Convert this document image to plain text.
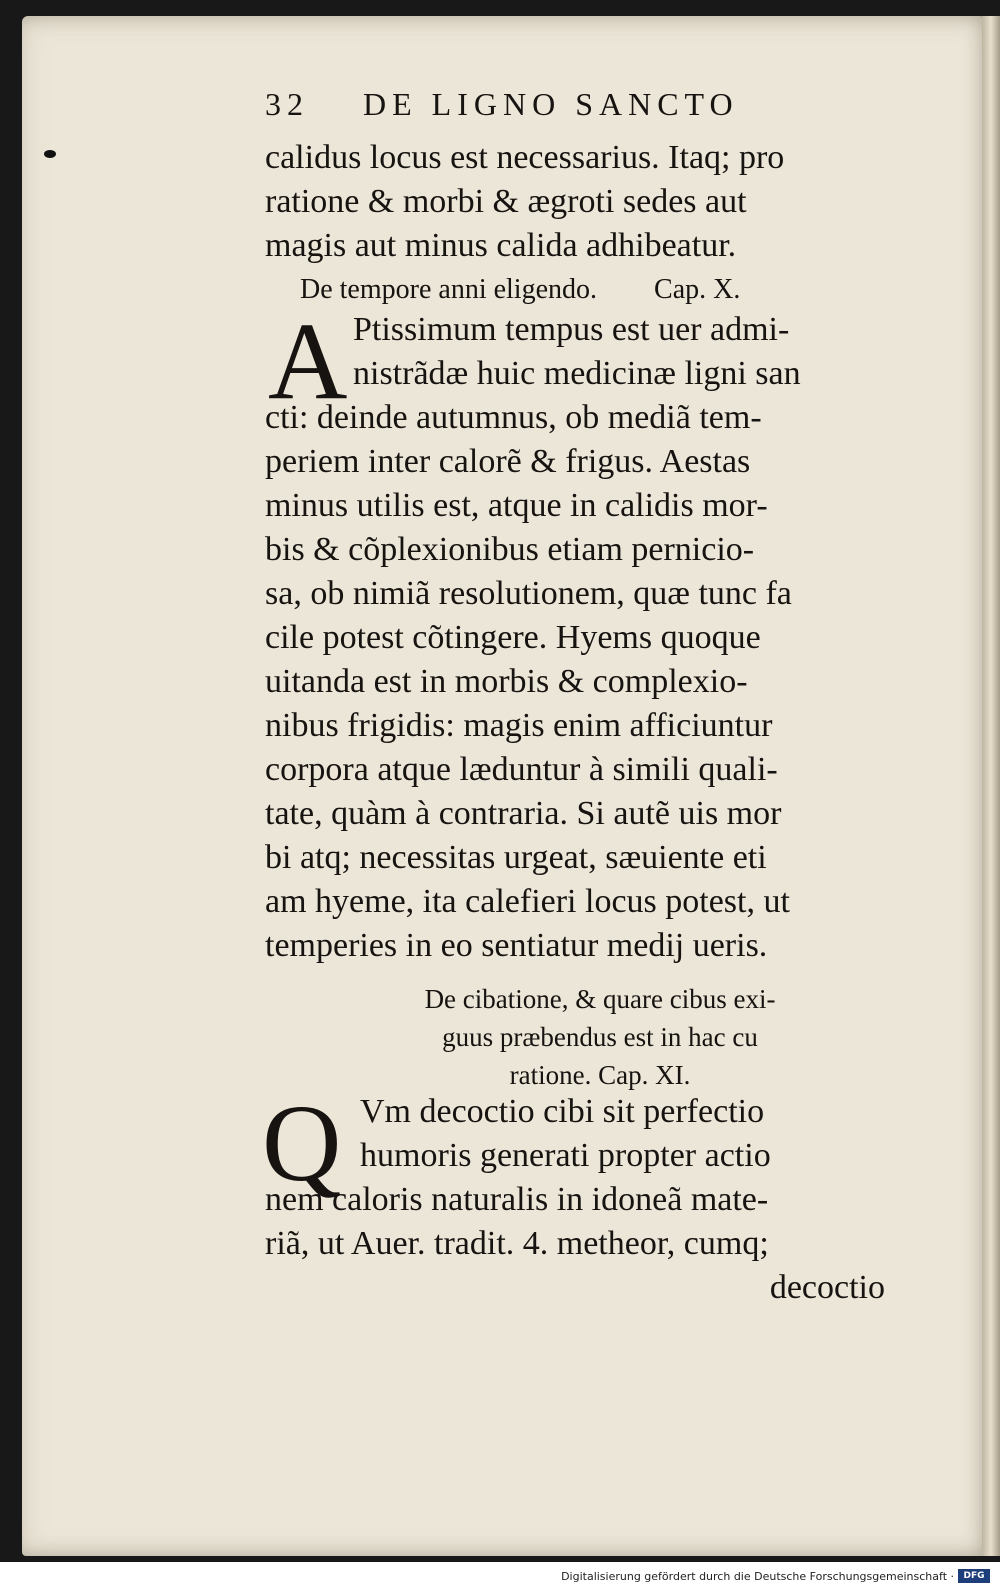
32 DE LIGNO SANCTO
calidus locus est necessarius. Itaq; pro
ratione & morbi & ægroti sedes aut
magis aut minus calida adhibeatur.
De tempore anni eligendo. Cap. X.
A Ptissimum tempus est uer admi-
nistrãdæ huic medicinæ ligni san
cti: deinde autumnus, ob mediã tem-
periem inter calorẽ & frigus. Aestas
minus utilis est, atque in calidis mor-
bis & cõplexionibus etiam pernicio-
sa, ob nimiã resolutionem, quæ tunc fa
cile potest cõtingere. Hyems quoque
uitanda est in morbis & complexio-
nibus frigidis: magis enim afficiuntur
corpora atque læduntur à simili quali-
tate, quàm à contraria. Si autẽ uis mor
bi atq; necessitas urgeat, sæuiente eti
am hyeme, ita calefieri locus potest, ut
temperies in eo sentiatur medij ueris.
De cibatione, & quare cibus exi-
guus præbendus est in hac cu
ratione. Cap. XI.
Q Vm decoctio cibi sit perfectio
humoris generati propter actio
nem caloris naturalis in idoneã mate-
riã, ut Auer. tradit. 4. metheor, cumq;
decoctio
Digitalisierung gefördert durch die Deutsche Forschungsgemeinschaft ·	DFG
